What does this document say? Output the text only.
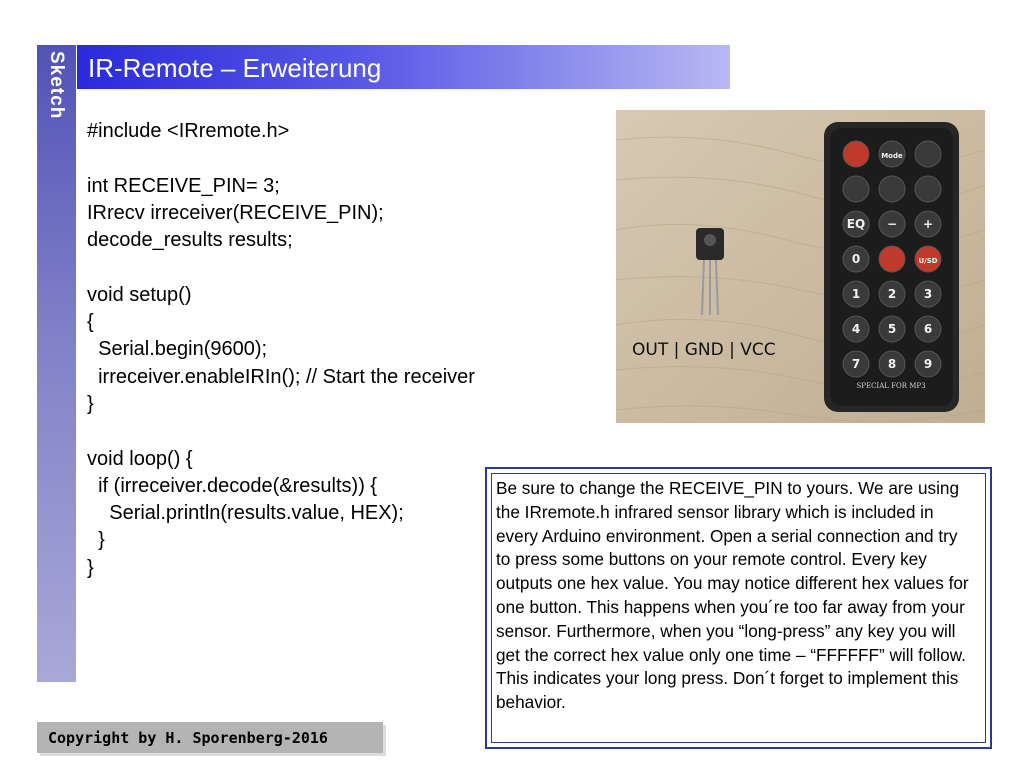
Sketch IR-Remote – Erweiterung
#include <IRremote.h>

int RECEIVE_PIN= 3;
IRrecv irreceiver(RECEIVE_PIN);
decode_results results;

void setup()
{
Serial.begin(9600);
irreceiver.enableIRIn(); // Start the receiver
}

void loop() {
if (irreceiver.decode(&results)) {
Serial.println(results.value, HEX);
}
}
OUT | GND | VCC
Mode
EQ − +
0	U/SD
1 2 3
4 5 6
7 8 9
SPECIAL FOR MP3
Be sure to change the RECEIVE_PIN to yours. We are using the IRremote.h infrared sensor library which is included in every Arduino environment. Open a serial connection and try to press some buttons on your remote control. Every key outputs one hex value. You may notice different hex values for one button. This happens when you´re too far away from your sensor. Furthermore, when you “long-press” any key you will get the correct hex value only one time – “FFFFFF” will follow. This indicates your long press. Don´t forget to implement this behavior.
Copyright by H. Sporenberg-2016
